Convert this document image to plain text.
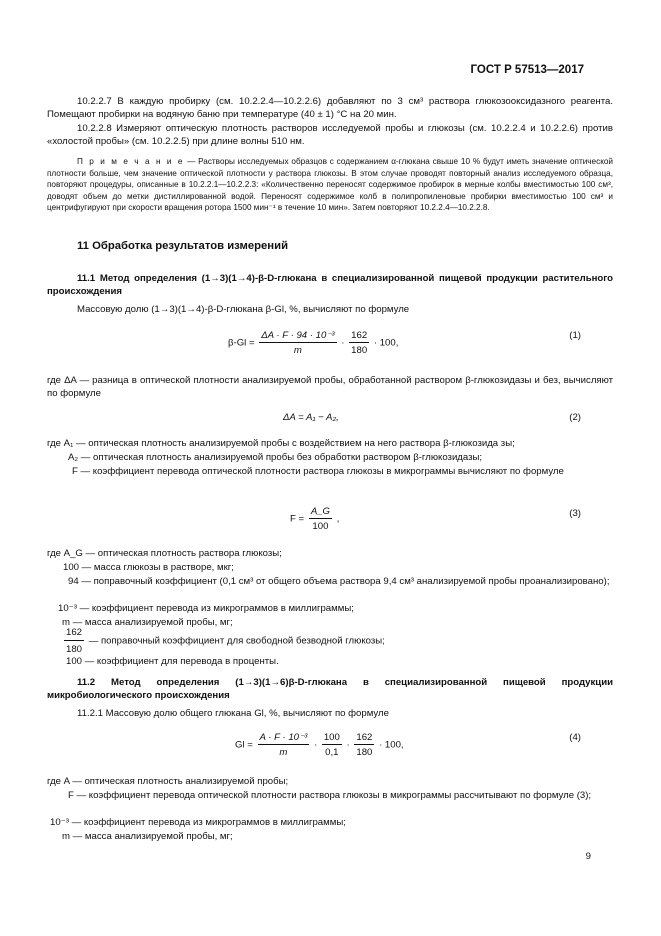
ГОСТ Р 57513—2017
10.2.2.7 В каждую пробирку (см. 10.2.2.4—10.2.2.6) добавляют по 3 см³ раствора глюкозооксидазного реагента. Помещают пробирки на водяную баню при температуре (40 ± 1) °С на 20 мин.
10.2.2.8 Измеряют оптическую плотность растворов исследуемой пробы и глюкозы (см. 10.2.2.4 и 10.2.2.6) против «холостой пробы» (см. 10.2.2.5) при длине волны 510 нм.
П р и м е ч а н и е — Растворы исследуемых образцов с содержанием α-глюкана свыше 10 % будут иметь значение оптической плотности больше, чем значение оптической плотности у раствора глюкозы. В этом случае проводят повторный анализ исследуемого образца, повторяют процедуры, описанные в 10.2.2.1—10.2.2.3: «Количественно переносят содержимое пробирок в мерные колбы вместимостью 100 см³, доводят объем до метки дистиллированной водой. Переносят содержимое колб в полипропиленовые пробирки вместимостью 100 см³ и центрифугируют при скорости вращения ротора 1500 мин⁻¹ в течение 10 мин». Затем повторяют 10.2.2.4—10.2.2.8.
11 Обработка результатов измерений
11.1 Метод определения (1→3)(1→4)-β-D-глюкана в специализированной пищевой продукции растительного происхождения
Массовую долю (1→3)(1→4)-β-D-глюкана β-Gl, %, вычисляют по формуле
$\beta-Gl = \frac{\text{ΔA · F · 94 · 10⁻³}}{m} \cdot \frac{162}{180} \cdot 100$,
(1)
где ΔA — разница в оптической плотности анализируемой пробы, обработанной раствором β-глюкозидазы и без, вычисляют по формуле
ΔA = A₁ − A₂,	(2)
где A₁ — оптическая плотность анализируемой пробы с воздействием на него раствора β-глюкозида зы;
A₂ — оптическая плотность анализируемой пробы без обработки раствором β-глюкозидазы;
F — коэффициент перевода оптической плотности раствора глюкозы в микрограммы вычисляют по формуле
$F = \frac{A\_G}{100}$ ,
(3)
где A_G — оптическая плотность раствора глюкозы;
100 — масса глюкозы в растворе, мкг;
94 — поправочный коэффициент (0,1 см³ от общего объема раствора 9,4 см³ анализируемой пробы проанализировано);
10⁻³ — коэффициент перевода из микрограммов в миллиграммы;
m — масса анализируемой пробы, мг;
$\frac{162}{180}$ — поправочный коэффициент для свободной безводной глюкозы;
100 — коэффициент для перевода в проценты.
11.2 Метод определения (1→3)(1→6)β-D-глюкана в специализированной пищевой продукции микробиологического происхождения
11.2.1 Массовую долю общего глюкана Gl, %, вычисляют по формуле
$Gl = \frac{\text{A · F · 10⁻³}}{m} \cdot \frac{100}{0,1} \cdot \frac{162}{180} \cdot 100$,
(4)
где A — оптическая плотность анализируемой пробы;
F — коэффициент перевода оптической плотности раствора глюкозы в микрограммы рассчитывают по формуле (3);
10⁻³ — коэффициент перевода из микрограммов в миллиграммы;
m — масса анализируемой пробы, мг;
9
